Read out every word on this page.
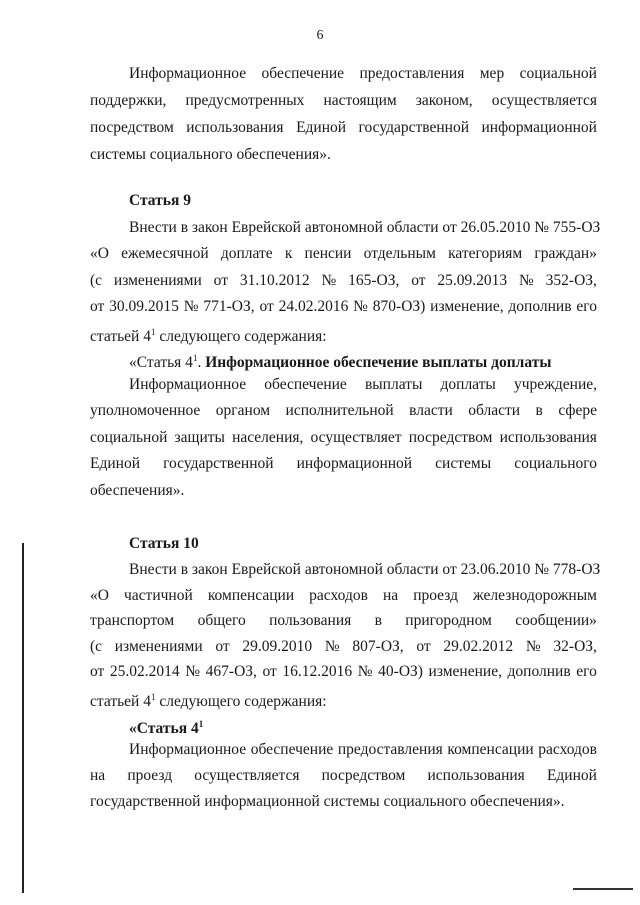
6
Информационное обеспечение предоставления мер социальной
поддержки, предусмотренных настоящим законом, осуществляется
посредством использования Единой государственной информационной
системы социального обеспечения».
Статья 9
Внести в закон Еврейской автономной области от 26.05.2010 № 755-ОЗ
«О ежемесячной доплате к пенсии отдельным категориям граждан»
(с изменениями от 31.10.2012 № 165-ОЗ, от 25.09.2013 № 352-ОЗ,
от 30.09.2015 № 771-ОЗ, от 24.02.2016 № 870-ОЗ) изменение, дополнив его
статьей $4^1$ следующего содержания:
«Статья $4^1$. Информационное обеспечение выплаты доплаты
Информационное обеспечение выплаты доплаты учреждение,
уполномоченное органом исполнительной власти области в сфере
социальной защиты населения, осуществляет посредством использования
Единой государственной информационной системы социального
обеспечения».
Статья 10
Внести в закон Еврейской автономной области от 23.06.2010 № 778-ОЗ
«О частичной компенсации расходов на проезд железнодорожным
транспортом общего пользования в пригородном сообщении»
(с изменениями от 29.09.2010 № 807-ОЗ, от 29.02.2012 № 32-ОЗ,
от 25.02.2014 № 467-ОЗ, от 16.12.2016 № 40-ОЗ) изменение, дополнив его
статьей $4^1$ следующего содержания:
«Статья $4^1$
Информационное обеспечение предоставления компенсации расходов
на проезд осуществляется посредством использования Единой
государственной информационной системы социального обеспечения».
